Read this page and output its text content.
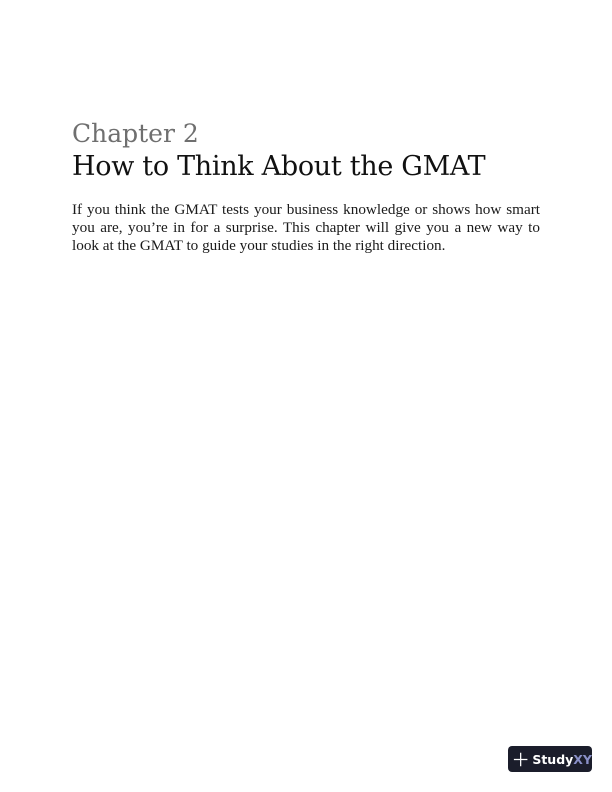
Chapter 2
How to Think About the GMAT

If you think the GMAT tests your business knowledge or shows how smart you are, you’re in for a surprise. This chapter will give you a new way to look at the GMAT to guide your studies in the right direction.

StudyXY
